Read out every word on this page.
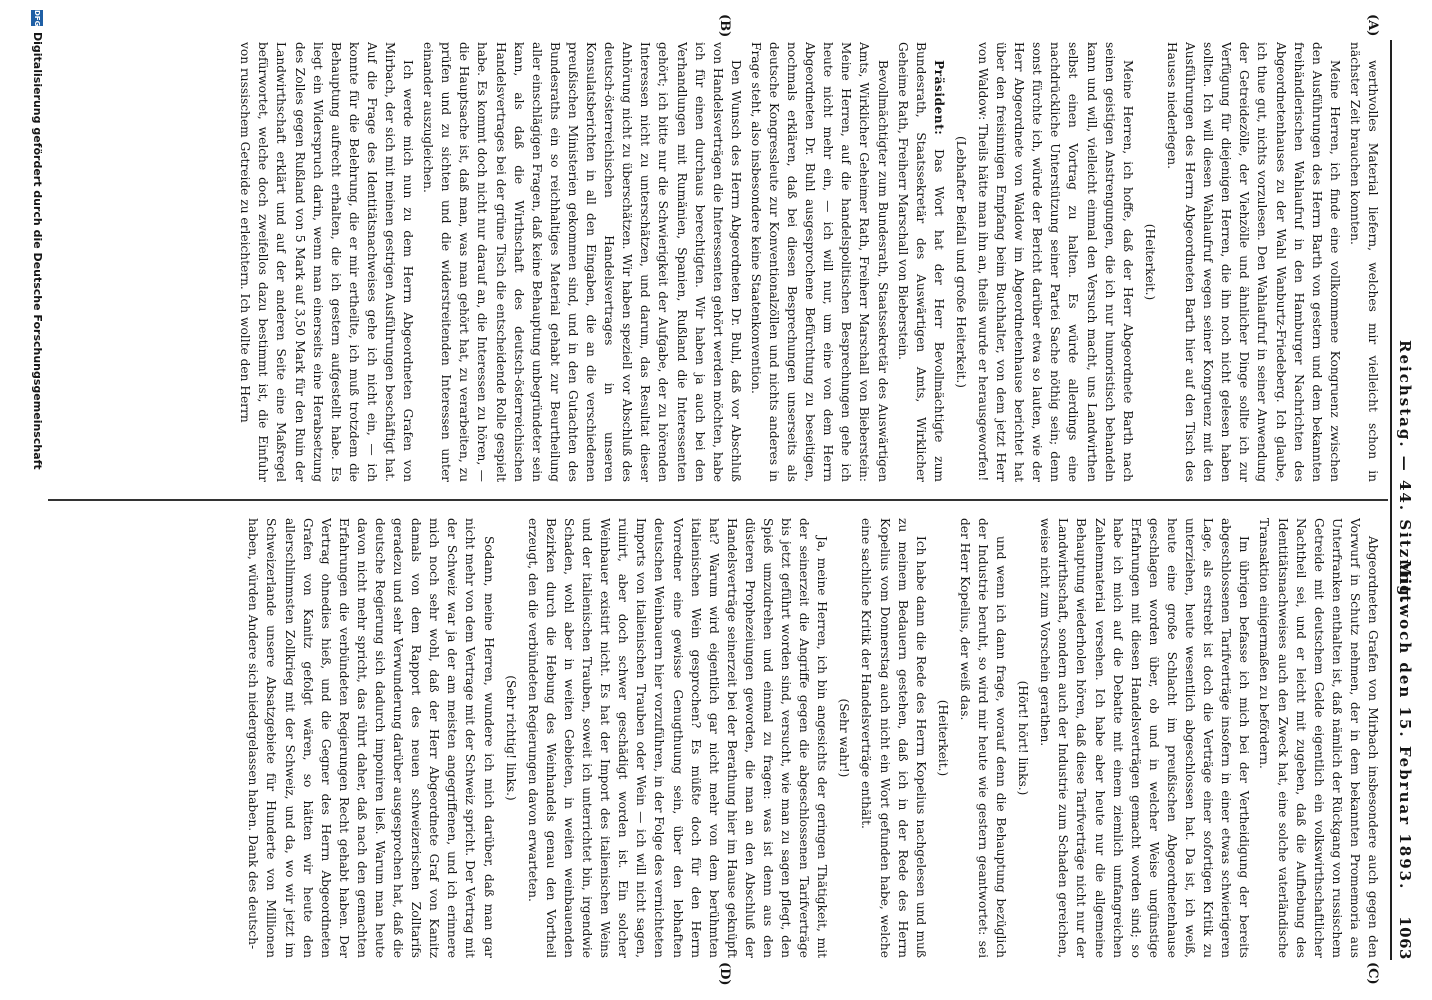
Reichstag. — 44. Sitzung.
Mittwoch den 15. Februar 1893.
1063
(A)
(B)
(C)
(D)

werthvolles Material liefern, welches mir vielleicht schon in nächster Zeit brauchen konnten.

Meine Herren, ich finde eine vollkommene Kongruenz zwischen den Ausführungen des Herrn Barth von gestern und dem bekannten freihändlerischen Wahlaufruf in den Hamburger Nachrichten des Abgeordnetenhauses zu der Wahl Wanburtz-Friedeberg. Ich glaube, ich thue gut, nichts vorzulesen. Den Wahlaufruf in seiner Anwendung der Getreidezölle, der Viehzölle und ähnlicher Dinge sollte ich zur Verfügung für diejenigen Herren, die ihn noch nicht gelesen haben sollten. Ich will diesen Wahlaufruf wegen seiner Kongruenz mit den Ausführungen des Herrn Abgeordneten Barth hier auf den Tisch des Hauses niederlegen.

(Heiterkeit.)

Meine Herren, ich hoffe, daß der Herr Abgeordnete Barth nach seinen geistigen Anstrengungen, die ich nur humoristisch behandeln kann und will, vielleicht einmal den Versuch macht, uns Landwirthen selbst einen Vortrag zu halten. Es würde allerdings eine nachdrückliche Unterstützung seiner Partei Sache nöthig sein; denn sonst fürchte ich, würde der Bericht darüber etwa so lauten, wie der Herr Abgeordnete von Waldow im Abgeordnetenhause berichtet hat über den freisinnigen Empfang beim Buchhalter, von dem jetzt Herr von Waldow: Theils hätte man ihn an, theils wurde er herausgeworfen!

(Lebhafter Beifall und große Heiterkeit.)

Präsident: Das Wort hat der Herr Bevollmächtigte zum Bundesrath, Staatssekretär des Auswärtigen Amts, Wirklicher Geheime Rath, Freiherr Marschall von Bieberstein.

Bevollmächtigter zum Bundesrath, Staatssekretär des Auswärtigen Amts, Wirklicher Geheimer Rath, Freiherr Marschall von Bieberstein: Meine Herren, auf die handelspolitischen Besprechungen gehe ich heute nicht mehr ein, — ich will nur, um eine von dem Herrn Abgeordneten Dr. Buhl ausgesprochene Befürchtung zu beseitigen, nochmals erklären, daß bei diesen Besprechungen unserseits als deutsche Kongressleute zur Konventionalzöllen und nichts anderes in Frage steht, also insbesondere keine Staatenkonvention.

Den Wunsch des Herrn Abgeordneten Dr. Buhl, daß vor Abschluß von Handelsverträgen die Interessenten gehört werden möchten, habe ich für einen durchaus berechtigten. Wir haben ja auch bei den Verhandlungen mit Rumänien, Spanien, Rußland die Interessenten gehört; ich bitte nur die Schwierigkeit der Aufgabe, der zu hörenden Interessen nicht zu unterschätzen, und darum, das Resultat dieser Anhörung nicht zu überschätzen. Wir haben speziell vor Abschluß des deutsch-österreichischen Handelsvertrages in unseren Konsulatsberichten in all den Eingaben, die an die verschiedenen preußischen Ministerien gekommen sind, und in den Gutachten des Bundesraths ein so reichhaltiges Material gehabt zur Beurtheilung aller einschlägigen Fragen, daß keine Behauptung unbegründeter sein kann, als daß die Wirthschaft des deutsch-österreichischen Handelsvertrages bei der grüne Tisch die entscheidende Rolle gespielt habe. Es kommt doch nicht nur darauf an, die Interessen zu hören, — die Hauptsache ist, daß man, was man gehört hat, zu verarbeiten, zu prüfen und zu sichten und die widerstreitenden Interessen unter einander auszugleichen.

Ich werde mich nun zu dem Herrn Abgeordneten Grafen von Mirbach, der sich mit meinen gestrigen Ausführungen beschäftigt hat. Auf die Frage des Identitätsnachweises gehe ich nicht ein, — ich konnte für die Belehrung, die er mir ertheilte, ich muß trotzdem die Behauptung aufrecht erhalten, die ich gestern aufgestellt habe. Es liegt ein Widerspruch darin, wenn man einerseits eine Herabsetzung des Zolles gegen Rußland von 5 Mark auf 3,50 Mark für den Ruin der Landwirthschaft erklärt und auf der anderen Seite eine Maßregel befürwortet, welche doch zweifellos dazu bestimmt ist, die Einfuhr von russischem Getreide zu erleichtern. Ich wollte den Herrn

Abgeordneten Grafen von Mirbach insbesondere auch gegen den Vorwurf in Schutz nehmen, der in dem bekannten Promemoria aus Unterfranken enthalten ist, daß nämlich der Rückgang von russischem Getreide mit deutschem Gelde eigentlich ein volkswirthschaftlicher Nachtheil sei, und er leicht mit zugeben, daß die Aufhebung des Identitätsnachweises auch den Zweck hat, eine solche vaterländische Transaktion einigermaßen zu befördern.

Im übrigen befasse ich mich bei der Vertheidigung der bereits abgeschlossenen Tarifverträge insofern in einer etwas schwierigeren Lage, als erstrebt ist doch die Verträge einer sofortigen Kritik zu unterziehen, heute wesentlich abgeschlossen hat. Da ist, ich weiß, heute eine große Schlacht im preußischen Abgeordnetenhause geschlagen worden über, ob und in welcher Weise ungünstige Erfahrungen mit diesen Handelsverträgen gemacht worden sind; so habe ich mich auf die Debatte mit einem ziemlich umfangreichen Zahlenmaterial versehen. Ich habe aber heute nur die allgemeine Behauptung wiederholen hören, daß diese Tarifverträge nicht nur der Landwirthschaft, sondern auch der Industrie zum Schaden gereichen, weise nicht zum Vorschein gerathen.

(Hört! hört! links.)

und wenn ich dann frage, worauf denn die Behauptung bezüglich der Industrie beruht, so wird mir heute wie gestern geantwortet: sei der Herr Kopelius, der weiß das.

(Heiterkeit.)

Ich habe dann die Rede des Herrn Kopelius nachgelesen und muß zu meinem Bedauern gestehen, daß ich in der Rede des Herrn Kopelius vom Donnerstag auch nicht ein Wort gefunden habe, welche eine sachliche Kritik der Handelsverträge enthält.

(Sehr wahr!)

Ja, meine Herren, ich bin angesichts der geringen Thätigkeit, mit der seinerzeit die Angriffe gegen die abgeschlossenen Tarifverträge bis jetzt geführt worden sind, versucht, wie man zu sagen pflegt, den Spieß umzudrehen und einmal zu fragen: was ist denn aus den düsteren Prophezeiungen geworden, die man an den Abschluß der Handelsverträge seinerzeit bei der Berathung hier im Hause geknüpft hat? Warum wird eigentlich gar nicht mehr von dem berühmten italienischen Wein gesprochen? Es müßte doch für den Herrn Vorredner eine gewisse Genugthuung sein, über den lebhaften deutschen Weinbauern hier vorzuführen, in der Folge des vernichteten Imports von italienischen Trauben oder Wein — ich will nicht sagen, ruinirt, aber doch schwer geschädigt worden ist. Ein solcher Weinbauer existirt nicht. Es hat der Import des italienischen Weins und der italienischen Trauben, soweit ich unterrichtet bin, irgendwie Schaden, wohl aber in weiten Gebieten, in weiten weinbauenden Bezirken durch die Hebung des Weinhandels genau den Vortheil erzeugt, den die verbündeten Regierungen davon erwarteten.

(Sehr richtig! links.)

Sodann, meine Herren, wundere ich mich darüber, daß man gar nicht mehr von dem Vertrage mit der Schweiz spricht. Der Vertrag mit der Schweiz war ja der am meisten angegriffenen, und ich erinnere mich noch sehr wohl, daß der Herr Abgeordnete Graf von Kanitz damals von dem Rapport des neuen schweizerischen Zolltarifs geradezu und sehr Verwunderung darüber ausgesprochen hat, daß die deutsche Regierung sich dadurch imponiren ließ. Warum man heute davon nicht mehr spricht, das rührt daher, daß nach den gemachten Erfahrungen die verbündeten Regierungen Recht gehabt haben. Der Vertrag ohnedies hieß, und die Gegner des Herrn Abgeordneten Grafen von Kanitz gefolgt wären, so hätten wir heute den allerschlimmsten Zollkrieg mit der Schweiz, und da, wo wir jetzt im Schweizerlande unsere Absatzgebiete für Hunderte von Millionen haben, würden Andere sich niedergelassen haben. Dank des deutsch-

DFGDigitalisierung gefördert durch die Deutsche Forschungsgemeinschaft
